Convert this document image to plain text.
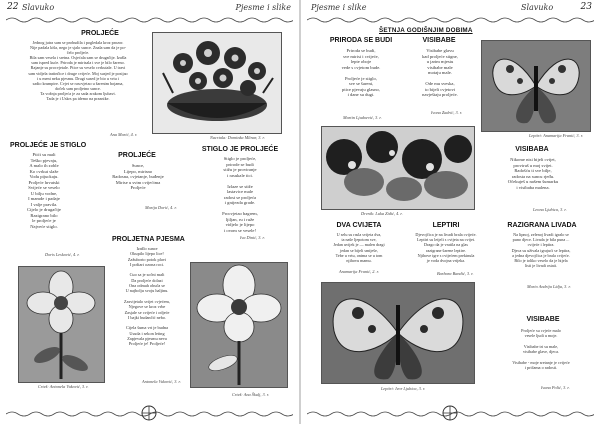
22 Slavuko	Pjesme i slike
PROLJEĆE
Jednog jutra sam se probudila i pogledala kroz prozor.
Nije padala kiša, nego je sjalo sunce. Znala sam da je po-
čelo proljeće.
Bila sam vesela i sretna. Osjećala sam se drugačije. Izašla
sam ispred kuće. Priroda je mirisala i sve je bilo šareno.
Rajanje su procvjetale. Ptice su veselo cvrkutale. U travi
sam vidjela tratinčice i druge cvijeće. Moj susjed je posijao
i u meni neku pjesmu. Drugi sused je bio u vrtu i
sadio krumpire. Cvjet se rascvjetao u šarenim bojama,
doček sam proljetno sunce.
Ta vožnja proljeća je za sada zrakom ljubavi.
Tada je i Uskrs pa idemo na praznike.
Ana Marić, 4. r.
Nacrtala: Dominka Mlinar, 3. r.
PROLJEĆE JE STIGLO
Ptići su mali
Teško pjevaju,
A malo ih zoble
Ko cvrkut slaže
Vodu pijuckaju.
Proljeće hrvatski
Svijeće se veselo
U bilju vodne,
I mamde i padaje
I valje pravila.
Cijelo je drugačije
Razigrano bilo
le proljeće je
Najveće stiglo.
Doris Lesković, 4. r.
PROLJEĆE
Sunce,
Lijepo, mirisno
Radosna, cvjetanje, buđenje
Mirise u svim cvijećima
Proljeće
Marija Dorić, 4. r.
STIGLO JE PROLJEĆE
Stiglo je proljeće,
prirode se budi
stižu je proviranje
i rasukale tici.

Izlaze se stiže
lastavice male
radost se proljeća
i gnijezda grade.

Procvjetao bagrem,
ljiljan, ru i ruže
vidjelo je lijepo
i ovom se vesele!
Iva Dinić, 3. r.
PROLJETNA PJESMA
Izašlo sunce
Okupilo lijepo lice!
Zažuborio potok plavi
I poštari ozona roci.

Cuo sa je sočni mali
Da proljeće dolazi
Ona odmah obuča se
U najbolju svoju haljinu.

Zasvijetalo svijet cvjećem,
Njegove se kroz vrbe
Zasjale se cvijeće i odjeće
I bajki budančić nebo.

Cijela šuma vrt je budna
Usuda i sekon leting
Zapjevala pjesmu neva
Proljeće je! Proljeće!
Antonela Vuković, 3. r.
Crtež: Antonela Vuković, 3. r.
Crtež: Ana Škulj, 3. r.
Pjesme i slike	Slavuko	23
ŠETNJA GODIŠNJIM DOBIMA
PRIRODA SE BUDI
Priroda se budi,
sve mirisi i cvijeće,
lepte oboje
vede s cvjetom bude.

Proljeće je stiglo,
sve se šareni,
ptice pjevaju glasno,
i dane su dugi.
Martin Ljudoević, 3. r.
VISIBABE
Visibabe glavu
kad proljeće stigne,
u jarim mjestu
visibabe male
motaju male.

Ode mu sveska,
to bijeli cvjetovi
navještaju proljeće.
Ivona Zadrić, 3. r.
Leptiri: Anamarija Franić, 3. r.
Drvnik: Luka Zidić, 4. r.
VISIBABA
Nikome nisi bijeli cvijet,
proviruš u moj svijet.
Radošću ti sve bilje,
radosta na suncu rjeđu.
Očekuješ u našem šumarku
i visibaba malena.
Leona Ljubica, 3. r.
DVA CVIJETA
U selu su rasla svijeta dva,
ta naše ljepotom sve,
Jedan uvijek je — malen dragi
jedan se bijeli smiješe,
Tebe u vrtu, onima se u tom
njihovu mamu.
Anamarija Franić, 2. r.
LEPTIRI
Djevojčica je na livadi brala cvijeće.
Leptiri su letjeli s cvijeta na cvijet.
Drago da je vratila na glas
razigrane šarene leptire.
Njihove igre s cvijećem prekinula
je voda dvojna vrijeka.
Barbara Bandić, 3. r.
RAZIGRANA LIVADA
Na lipnoj, zelenoj livadi igralo se
puno djece. Livada je bila puna ...
cvijeće i leptira.
Djeca su uživala igrajući se leptira,
a jedna djevojčica je brala cvijeće.
Bilo je toliko veselo da je htjela
listi je livadi ostati.
Mario Andrija Lidja, 3. r.
Leptiri: Ivor Ljubica, 3. r.
VISIBABE
Proljeće su cvjeće malo
vesele ljudi u moje.

Visibabe tri su male,
visibabe glave, djeca.

Visibabe - moje sretanje je cvijeće
i pričama o radosti.
Ivana Polić, 3. r.
